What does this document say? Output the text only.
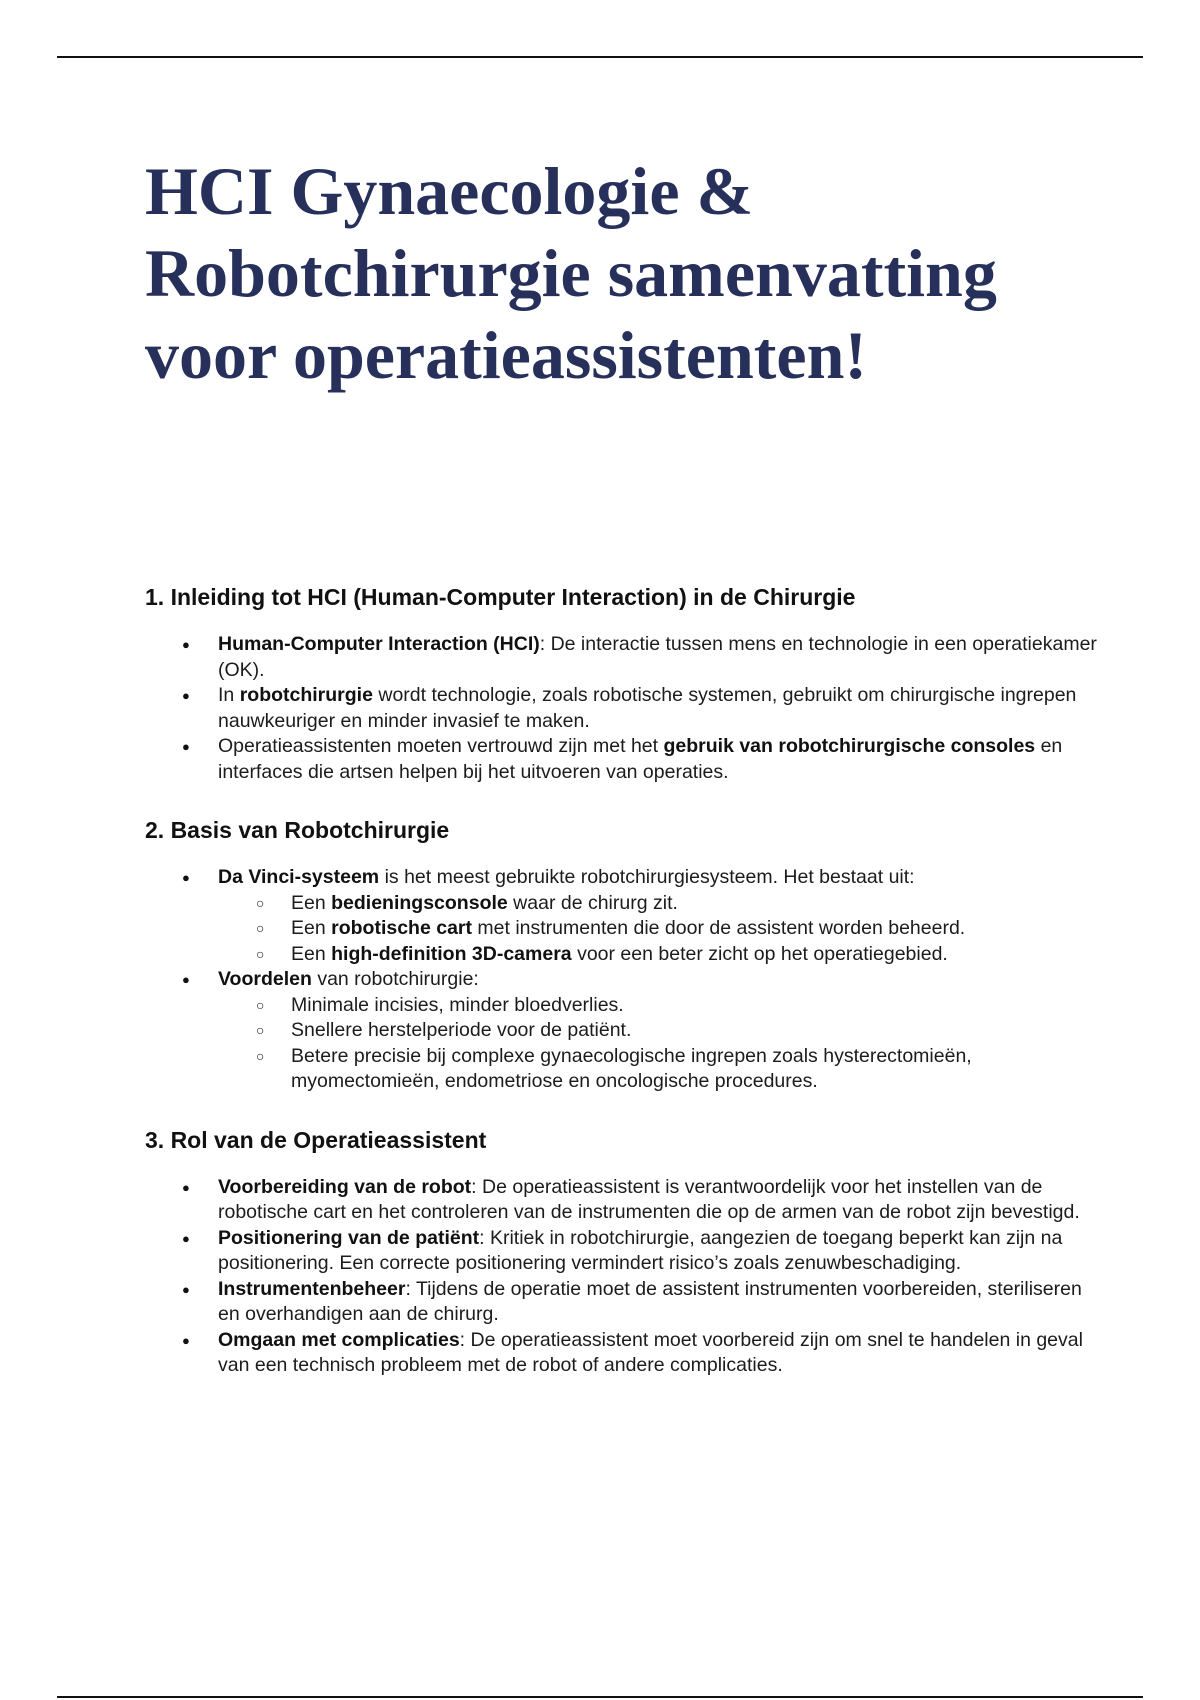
HCI Gynaecologie & Robotchirurgie samenvatting voor operatieassistenten!
1. Inleiding tot HCI (Human-Computer Interaction) in de Chirurgie
● Human-Computer Interaction (HCI): De interactie tussen mens en technologie in een operatiekamer (OK).
● In robotchirurgie wordt technologie, zoals robotische systemen, gebruikt om chirurgische ingrepen nauwkeuriger en minder invasief te maken.
● Operatieassistenten moeten vertrouwd zijn met het gebruik van robotchirurgische consoles en interfaces die artsen helpen bij het uitvoeren van operaties.
2. Basis van Robotchirurgie
● Da Vinci-systeem is het meest gebruikte robotchirurgiesysteem. Het bestaat uit:
○ Een bedieningsconsole waar de chirurg zit.
○ Een robotische cart met instrumenten die door de assistent worden beheerd.
○ Een high-definition 3D-camera voor een beter zicht op het operatiegebied.
● Voordelen van robotchirurgie:
○ Minimale incisies, minder bloedverlies.
○ Snellere herstelperiode voor de patiënt.
○ Betere precisie bij complexe gynaecologische ingrepen zoals hysterectomieën, myomectomieën, endometriose en oncologische procedures.
3. Rol van de Operatieassistent
● Voorbereiding van de robot: De operatieassistent is verantwoordelijk voor het instellen van de robotische cart en het controleren van de instrumenten die op de armen van de robot zijn bevestigd.
● Positionering van de patiënt: Kritiek in robotchirurgie, aangezien de toegang beperkt kan zijn na positionering. Een correcte positionering vermindert risico’s zoals zenuwbeschadiging.
● Instrumentenbeheer: Tijdens de operatie moet de assistent instrumenten voorbereiden, steriliseren en overhandigen aan de chirurg.
● Omgaan met complicaties: De operatieassistent moet voorbereid zijn om snel te handelen in geval van een technisch probleem met de robot of andere complicaties.
